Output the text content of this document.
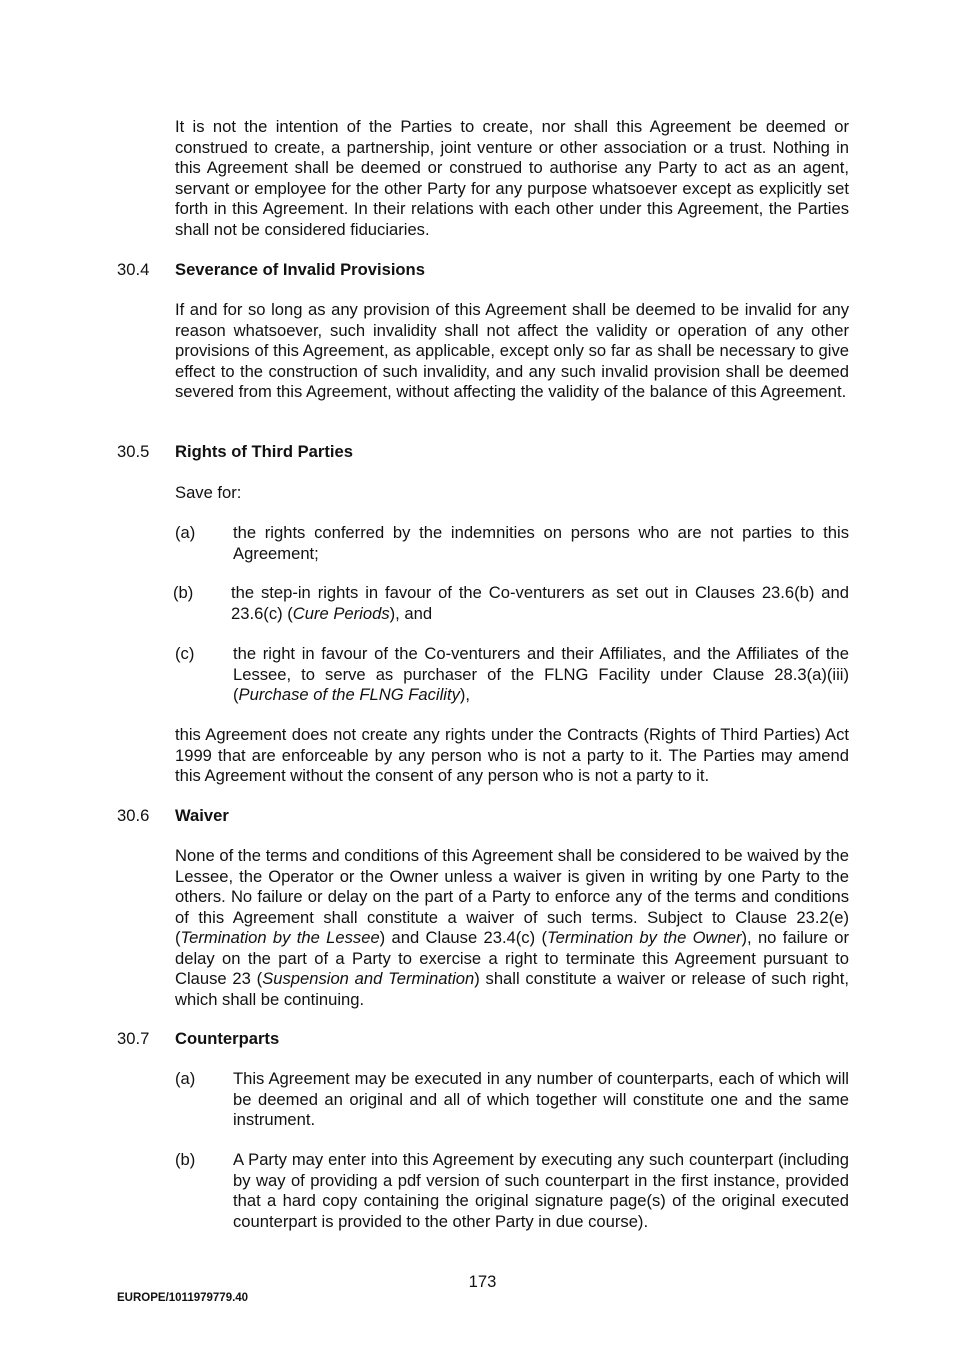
It is not the intention of the Parties to create, nor shall this Agreement be deemed or construed to create, a partnership, joint venture or other association or a trust. Nothing in this Agreement shall be deemed or construed to authorise any Party to act as an agent, servant or employee for the other Party for any purpose whatsoever except as explicitly set forth in this Agreement. In their relations with each other under this Agreement, the Parties shall not be considered fiduciaries.

30.4 Severance of Invalid Provisions

If and for so long as any provision of this Agreement shall be deemed to be invalid for any reason whatsoever, such invalidity shall not affect the validity or operation of any other provisions of this Agreement, as applicable, except only so far as shall be necessary to give effect to the construction of such invalidity, and any such invalid provision shall be deemed severed from this Agreement, without affecting the validity of the balance of this Agreement.

30.5 Rights of Third Parties
Save for:
(a) the rights conferred by the indemnities on persons who are not parties to this Agreement;

(b) the step-in rights in favour of the Co-venturers as set out in Clauses 23.6(b) and 23.6(c) (Cure Periods), and

(c) the right in favour of the Co-venturers and their Affiliates, and the Affiliates of the Lessee, to serve as purchaser of the FLNG Facility under Clause 28.3(a)(iii) (Purchase of the FLNG Facility),

this Agreement does not create any rights under the Contracts (Rights of Third Parties) Act 1999 that are enforceable by any person who is not a party to it. The Parties may amend this Agreement without the consent of any person who is not a party to it.

30.6 Waiver

None of the terms and conditions of this Agreement shall be considered to be waived by the Lessee, the Operator or the Owner unless a waiver is given in writing by one Party to the others. No failure or delay on the part of a Party to enforce any of the terms and conditions of this Agreement shall constitute a waiver of such terms. Subject to Clause 23.2(e) (Termination by the Lessee) and Clause 23.4(c) (Termination by the Owner), no failure or delay on the part of a Party to exercise a right to terminate this Agreement pursuant to Clause 23 (Suspension and Termination) shall constitute a waiver or release of such right, which shall be continuing.

30.7 Counterparts
(a) This Agreement may be executed in any number of counterparts, each of which will be deemed an original and all of which together will constitute one and the same instrument.

(b) A Party may enter into this Agreement by executing any such counterpart (including by way of providing a pdf version of such counterpart in the first instance, provided that a hard copy containing the original signature page(s) of the original executed counterpart is provided to the other Party in due course).

173
EUROPE/1011979779.40
